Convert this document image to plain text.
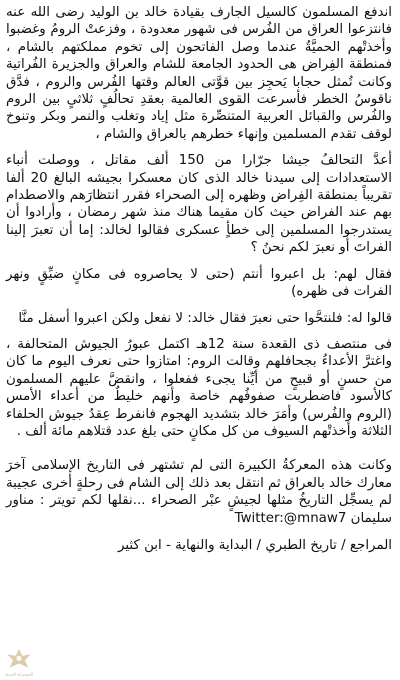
اندفع المسلمون كالسيل الجارف بقيادة خالد بن الوليد رضى الله عنه فانتزعوا العراق من الفُرس فى شهور معدودة ، وفزعتْ الرومُ وغضبوا وأخذتْهم الحميَّةُ عندما وصل الفاتحون إلى تخوم مملكتهم بالشام ، فمنطقة الفِراض هى الحدود الجامعة للشام والعراق والجزيرة الفُراتية وكانت تُمثل حجابا يَحجِز بين قوَّتى العالم وقتها الفُرس والروم ، فدَّق ناقوسُ الخطر فأسرعت القوى العالمية بعقدِ تحالُفٍ ثلاثىٍ بين الروم والفُرس والقبائل العربية المتنصِّرة مثل إياد وتغلب والنمر وبكر وتنوخ لوقف تقدم المسلمين وإنهاء خطرهم بالعراق والشام ،

أعدَّ التحالفُ جيشا جرّارا من 150 ألف مقاتل ، ووصلت أنباء الاستعدادات إلى سيدنا خالد الذى كان معسكرا بجيشه البالغ 20 ألفا تقريباً بمنطقة الفِراض وظهره إلى الصحراء فقرر انتظارَهم والاصطدام بهم عند الفراض حيث كان مقيما هناك منذ شهر رمضان ، وأرادوا أن يستدرجوا المسلمين إلى خطأٍ عسكرى فقالوا لخالد: إما أن تعبرَ إلينا الفراتَ أو نعبرَ لكم نحنُ ؟

فقال لهم: بل اعبروا أنتم (حتى لا يحاصروه فى مكانٍ ضيِّقٍ ونهر الفرات فى ظهره)

قالوا له: فلنتحَّوا حتى نعبرَ فقال خالد: لا نفعل ولكن اعبروا أسفل منَّا

فى منتصف ذى القعدة سنة 12هـ اكتمل عبورُ الجيوش المتحالفة ، واغترَّ الأعداءُ بجحافلهم وقالت الروم: امتازوا حتى نعرف اليوم ما كان من حسنٍ أو قبيحٍ من أيِّنا يجىء ففعلوا ، وانقضَّ عليهم المسلمون كالأسود فاضطربت صفوفُهم خاصة وأنهم خليطٌ من أعداء الأمس (الروم والفُرس) وأمَرَ خالد بتشديد الهجوم فانفرط عِقدُ جيوش الحلفاء الثلاثة وأخذتْهم السيوف من كل مكانٍ حتى بلغ عدد قتلاهم مائة ألف .

وكانت هذه المعركةُ الكبيرة التى لم تشتهر فى التاريخ الإسلامى آخرَ معارك خالد بالعراق ثم انتقل بعد ذلك إلى الشام فى رحلةٍ أخرى عجيبة لم يسجِّل التاريخُ مثلها لجيشٍ عبْر الصحراء ...نقلها لكم تويتر : مناور سليمان Twitter:@mnaw7

المراجع / تاريخ الطبري / البداية والنهاية - ابن كثير

الموسوعة الحديثة
